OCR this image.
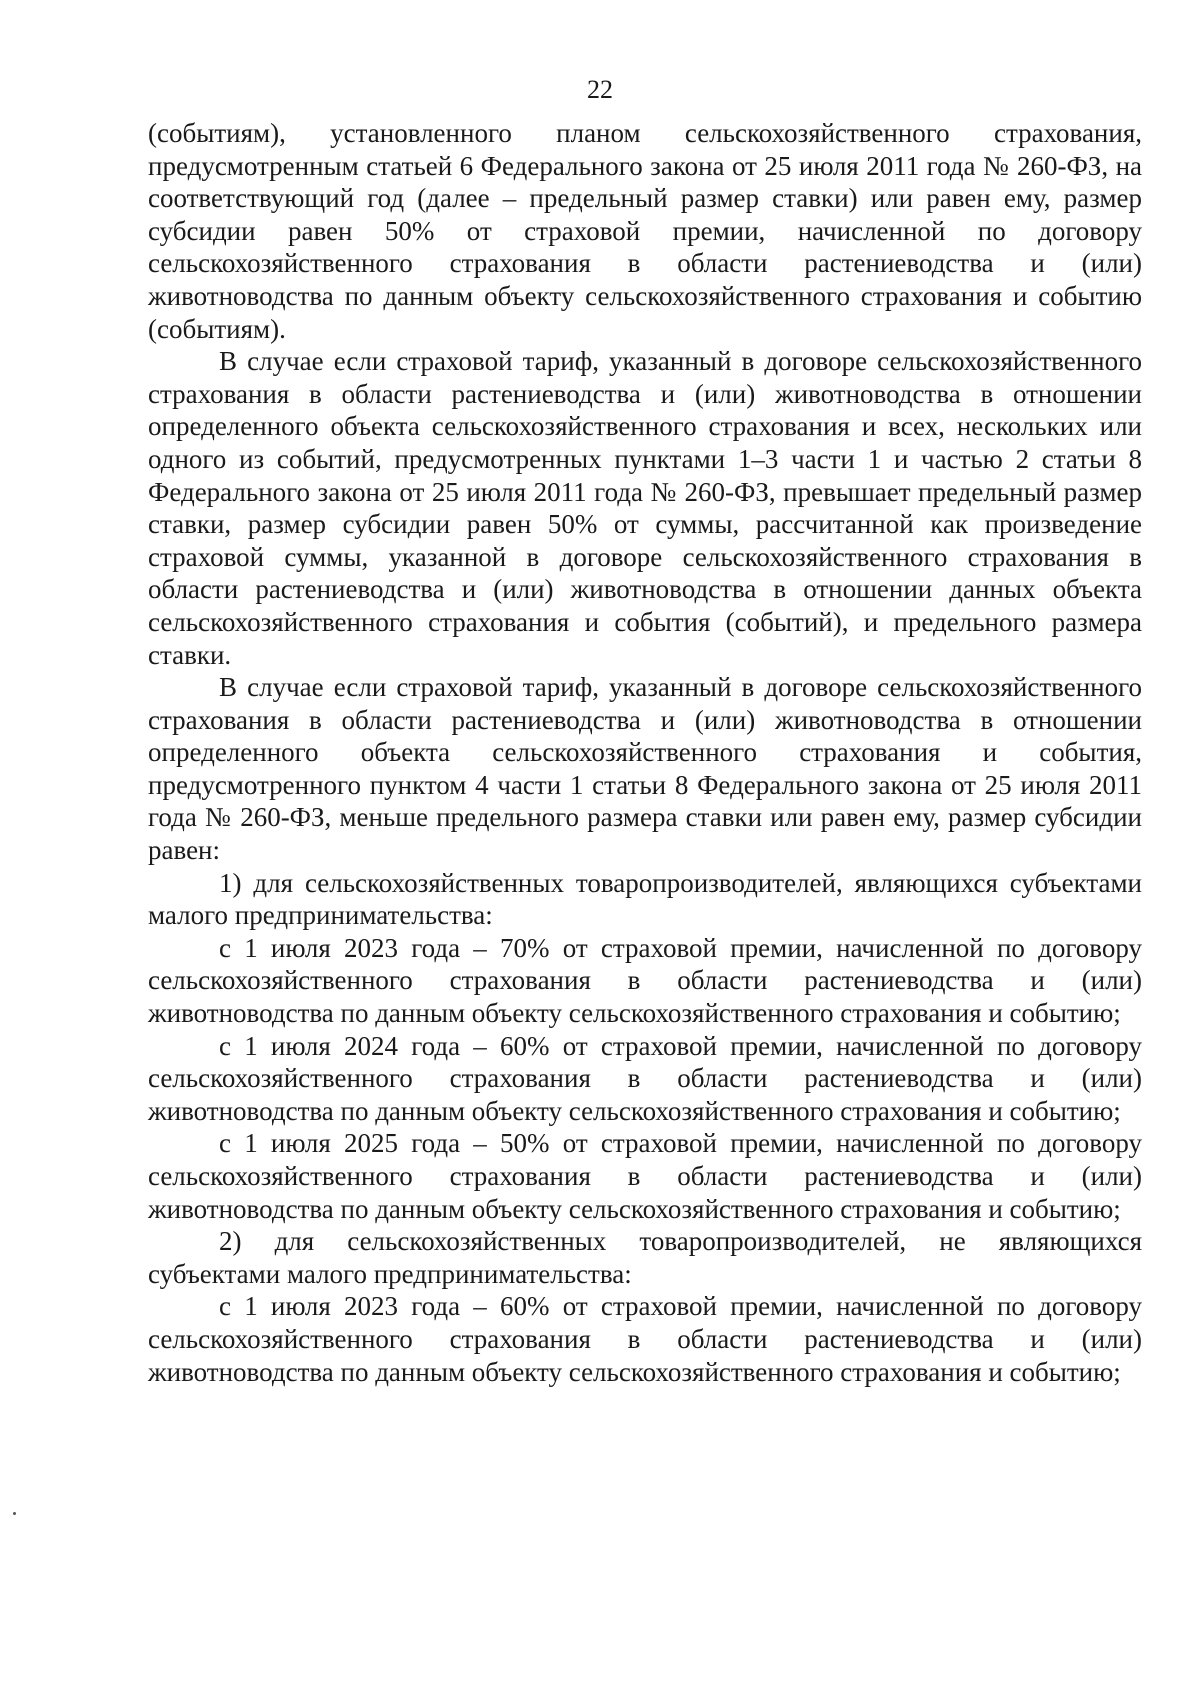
22

(событиям), установленного планом сельскохозяйственного страхования, предусмотренным статьей 6 Федерального закона от 25 июля 2011 года № 260-ФЗ, на соответствующий год (далее – предельный размер ставки) или равен ему, размер субсидии равен 50% от страховой премии, начисленной по договору сельскохозяйственного страхования в области растениеводства и (или) животноводства по данным объекту сельскохозяйственного страхования и событию (событиям).

В случае если страховой тариф, указанный в договоре сельскохозяйственного страхования в области растениеводства и (или) животноводства в отношении определенного объекта сельскохозяйственного страхования и всех, нескольких или одного из событий, предусмотренных пунктами 1–3 части 1 и частью 2 статьи 8 Федерального закона от 25 июля 2011 года № 260-ФЗ, превышает предельный размер ставки, размер субсидии равен 50% от суммы, рассчитанной как произведение страховой суммы, указанной в договоре сельскохозяйственного страхования в области растениеводства и (или) животноводства в отношении данных объекта сельскохозяйственного страхования и события (событий), и предельного размера ставки.

В случае если страховой тариф, указанный в договоре сельскохозяйственного страхования в области растениеводства и (или) животноводства в отношении определенного объекта сельскохозяйственного страхования и события, предусмотренного пунктом 4 части 1 статьи 8 Федерального закона от 25 июля 2011 года № 260-ФЗ, меньше предельного размера ставки или равен ему, размер субсидии равен:

1) для сельскохозяйственных товаропроизводителей, являющихся субъектами малого предпринимательства:

с 1 июля 2023 года – 70% от страховой премии, начисленной по договору сельскохозяйственного страхования в области растениеводства и (или) животноводства по данным объекту сельскохозяйственного страхования и событию;

с 1 июля 2024 года – 60% от страховой премии, начисленной по договору сельскохозяйственного страхования в области растениеводства и (или) животноводства по данным объекту сельскохозяйственного страхования и событию;

с 1 июля 2025 года – 50% от страховой премии, начисленной по договору сельскохозяйственного страхования в области растениеводства и (или) животноводства по данным объекту сельскохозяйственного страхования и событию;

2) для сельскохозяйственных товаропроизводителей, не являющихся субъектами малого предпринимательства:

с 1 июля 2023 года – 60% от страховой премии, начисленной по договору сельскохозяйственного страхования в области растениеводства и (или) животноводства по данным объекту сельскохозяйственного страхования и событию;
